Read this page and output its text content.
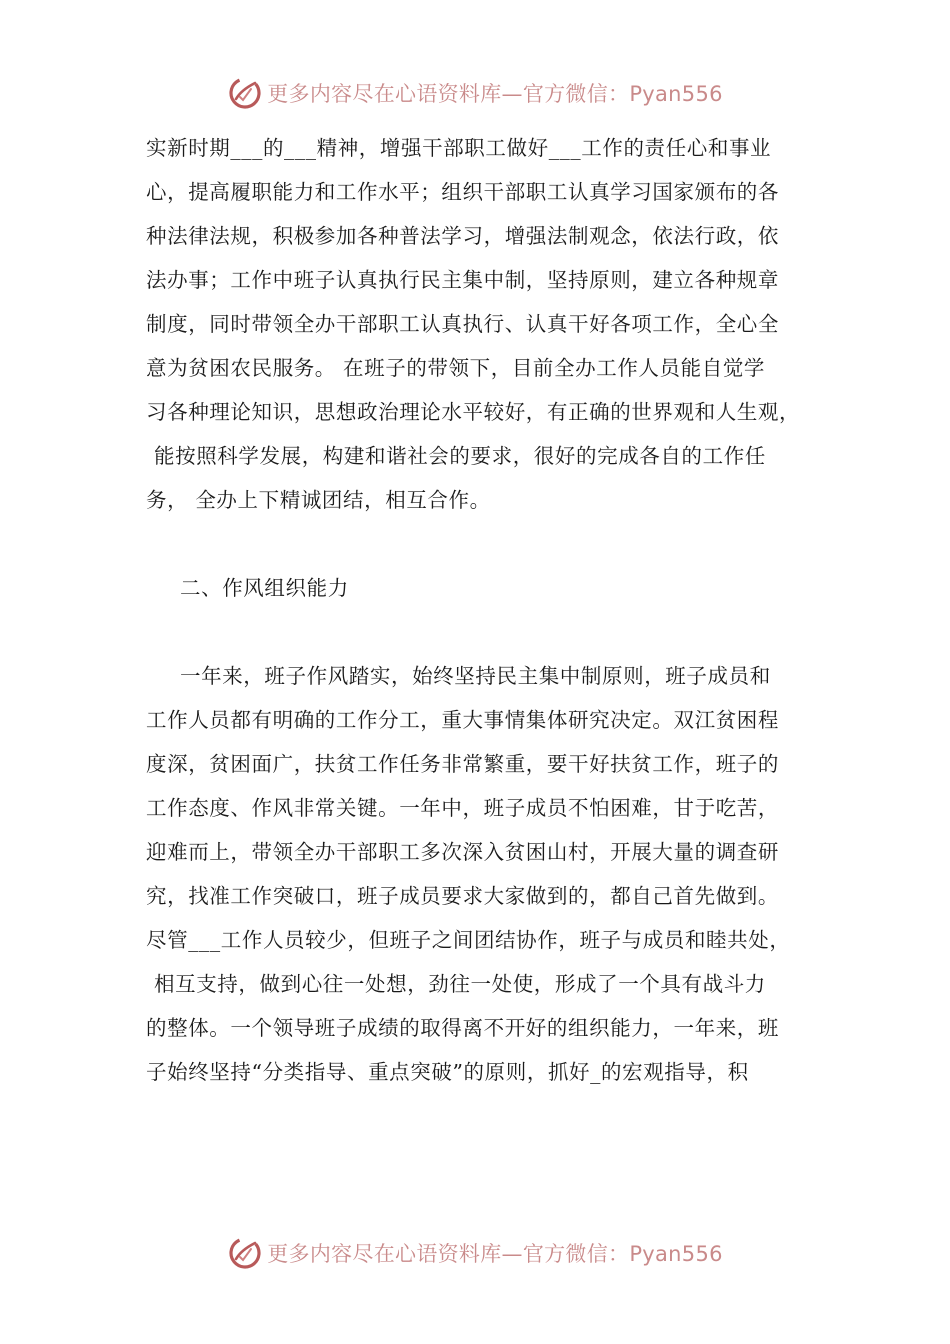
更多内容尽在心语资料库—官方微信：Pyan556
实新时期___的___精神，增强干部职工做好___工作的责任心和事业
心，提高履职能力和工作水平；组织干部职工认真学习国家颁布的各
种法律法规，积极参加各种普法学习，增强法制观念，依法行政，依
法办事；工作中班子认真执行民主集中制，坚持原则，建立各种规章
制度，同时带领全办干部职工认真执行、认真干好各项工作，全心全
意为贫困农民服务。 在班子的带领下，目前全办工作人员能自觉学
习各种理论知识，思想政治理论水平较好，有正确的世界观和人生观，
能按照科学发展，构建和谐社会的要求，很好的完成各自的工作任
务， 全办上下精诚团结，相互合作。
二、作风组织能力
一年来，班子作风踏实，始终坚持民主集中制原则，班子成员和
工作人员都有明确的工作分工，重大事情集体研究决定。双江贫困程
度深，贫困面广，扶贫工作任务非常繁重，要干好扶贫工作，班子的
工作态度、作风非常关键。一年中，班子成员不怕困难，甘于吃苦，
迎难而上，带领全办干部职工多次深入贫困山村，开展大量的调查研
究，找准工作突破口，班子成员要求大家做到的，都自己首先做到。
尽管___工作人员较少，但班子之间团结协作，班子与成员和睦共处，
相互支持，做到心往一处想，劲往一处使，形成了一个具有战斗力
的整体。一个领导班子成绩的取得离不开好的组织能力，一年来，班
子始终坚持“分类指导、重点突破”的原则，抓好_的宏观指导，积
更多内容尽在心语资料库—官方微信：Pyan556
